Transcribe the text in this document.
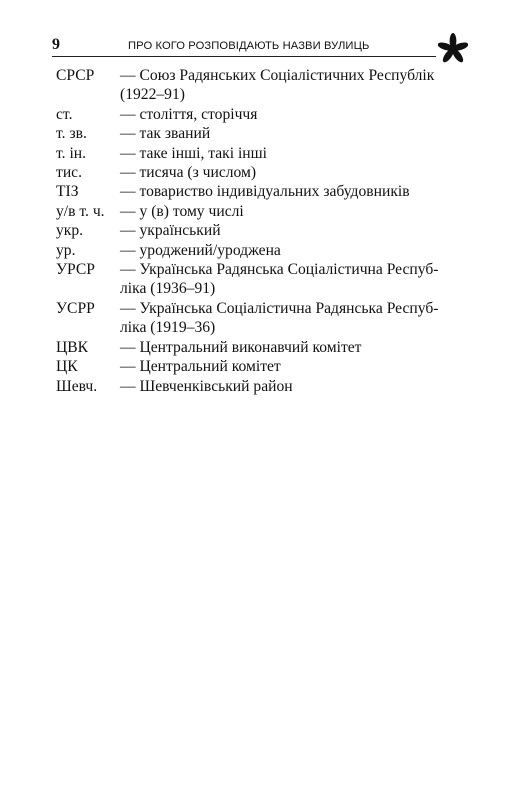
9	ПРО КОГО РОЗПОВІДАЮТЬ НАЗВИ ВУЛИЦЬ
СРСР	— Союз Радянських Соціалістичних Республік
(1922–91)
ст.	— століття, сторіччя
т. зв.	— так званий
т. ін.	— таке інші, такі інші
тис.	— тисяча (з числом)
ТІЗ	— товариство індивідуальних забудовників
у/в т. ч. — у (в) тому числі
укр.	— український
ур.	— уроджений/уроджена
УРСР	— Українська Радянська Соціалістична Респуб-
ліка (1936–91)
УСРР	— Українська Соціалістична Радянська Респуб-
ліка (1919–36)
ЦВК	— Центральний виконавчий комітет
ЦК	— Центральний комітет
Шевч.	— Шевченківський район
